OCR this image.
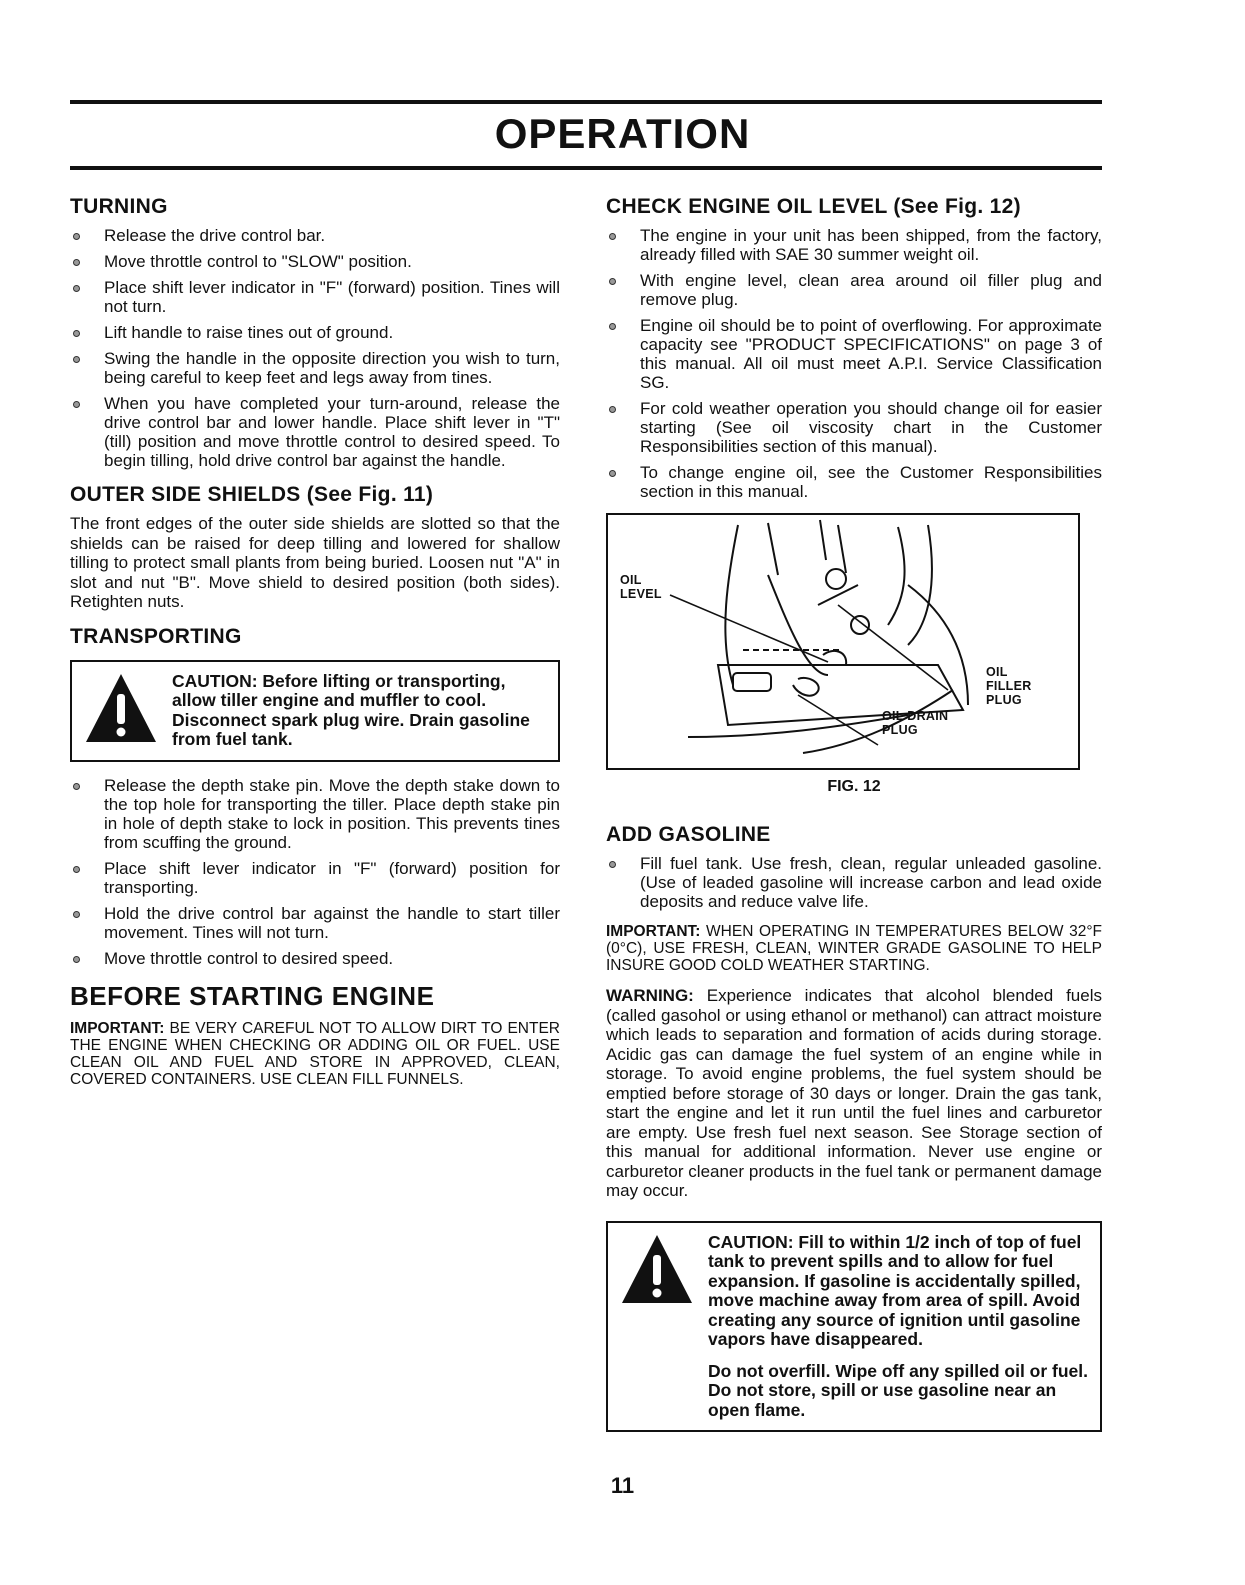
OPERATION
TURNING
Release the drive control bar.
Move throttle control to "SLOW" position.
Place shift lever indicator in "F" (forward) position. Tines will not turn.
Lift handle to raise tines out of ground.
Swing the handle in the opposite direction you wish to turn, being careful to keep feet and legs away from tines.
When you have completed your turn-around, release the drive control bar and lower handle. Place shift lever in "T" (till) position and move throttle control to desired speed. To begin tilling, hold drive control bar against the handle.
OUTER SIDE SHIELDS (See Fig. 11)

The front edges of the outer side shields are slotted so that the shields can be raised for deep tilling and lowered for shallow tilling to protect small plants from being buried. Loosen nut "A" in slot and nut "B". Move shield to desired position (both sides). Retighten nuts.

TRANSPORTING

CAUTION: Before lifting or transporting, allow tiller engine and muffler to cool. Disconnect spark plug wire. Drain gasoline from fuel tank.

Release the depth stake pin. Move the depth stake down to the top hole for transporting the tiller. Place depth stake pin in hole of depth stake to lock in position. This prevents tines from scuffing the ground.
Place shift lever indicator in "F" (forward) position for transporting.
Hold the drive control bar against the handle to start tiller movement. Tines will not turn.
Move throttle control to desired speed.
BEFORE STARTING ENGINE

IMPORTANT: BE VERY CAREFUL NOT TO ALLOW DIRT TO ENTER THE ENGINE WHEN CHECKING OR ADDING OIL OR FUEL. USE CLEAN OIL AND FUEL AND STORE IN APPROVED, CLEAN, COVERED CONTAINERS. USE CLEAN FILL FUNNELS.

CHECK ENGINE OIL LEVEL (See Fig. 12)
The engine in your unit has been shipped, from the factory, already filled with SAE 30 summer weight oil.
With engine level, clean area around oil filler plug and remove plug.
Engine oil should be to point of overflowing. For approximate capacity see "PRODUCT SPECIFICATIONS" on page 3 of this manual. All oil must meet A.P.I. Service Classification SG.
For cold weather operation you should change oil for easier starting (See oil viscosity chart in the Customer Responsibilities section of this manual).
To change engine oil, see the Customer Responsibilities section in this manual.
OIL LEVEL
OIL FILLER PLUG
OIL DRAIN PLUG
FIG. 12
ADD GASOLINE
Fill fuel tank. Use fresh, clean, regular unleaded gasoline. (Use of leaded gasoline will increase carbon and lead oxide deposits and reduce valve life.

IMPORTANT: WHEN OPERATING IN TEMPERATURES BELOW 32°F (0°C), USE FRESH, CLEAN, WINTER GRADE GASOLINE TO HELP INSURE GOOD COLD WEATHER STARTING.

WARNING: Experience indicates that alcohol blended fuels (called gasohol or using ethanol or methanol) can attract moisture which leads to separation and formation of acids during storage. Acidic gas can damage the fuel system of an engine while in storage. To avoid engine problems, the fuel system should be emptied before storage of 30 days or longer. Drain the gas tank, start the engine and let it run until the fuel lines and carburetor are empty. Use fresh fuel next season. See Storage section of this manual for additional information. Never use engine or carburetor cleaner products in the fuel tank or permanent damage may occur.

CAUTION: Fill to within 1/2 inch of top of fuel tank to prevent spills and to allow for fuel expansion. If gasoline is accidentally spilled, move machine away from area of spill. Avoid creating any source of ignition until gasoline vapors have disappeared.

Do not overfill. Wipe off any spilled oil or fuel. Do not store, spill or use gasoline near an open flame.

11
